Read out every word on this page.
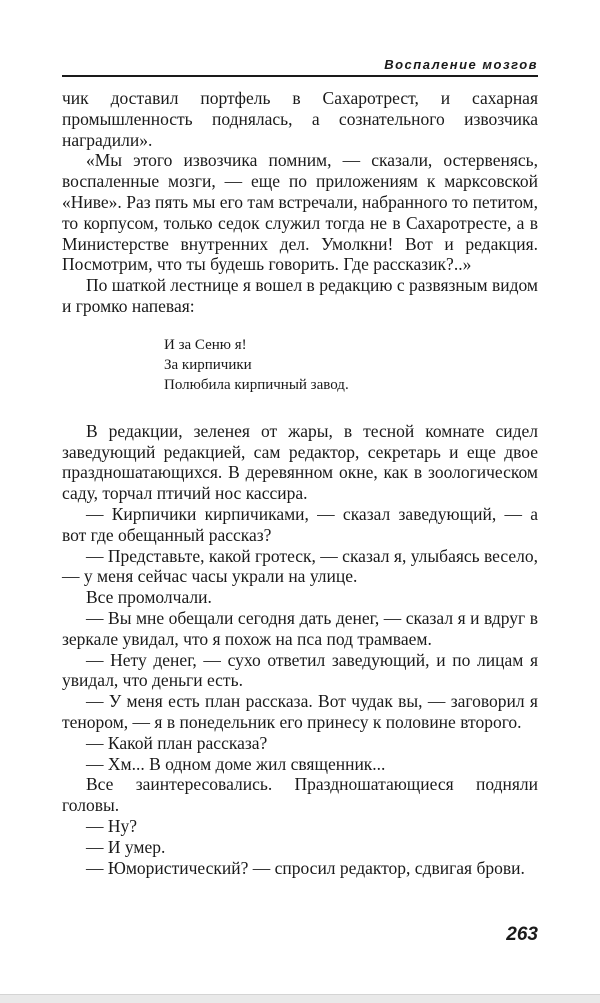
Воспаление мозгов

чик доставил портфель в Сахаротрест, и сахарная промышленность поднялась, а сознательного извозчика наградили».

«Мы этого извозчика помним, — сказали, остервенясь, воспаленные мозги, — еще по приложениям к марксовской «Ниве». Раз пять мы его там встречали, набранного то петитом, то корпусом, только седок служил тогда не в Сахаротресте, а в Министерстве внутренних дел. Умолкни! Вот и редакция. Посмотрим, что ты будешь говорить. Где рассказик?..»

По шаткой лестнице я вошел в редакцию с развязным видом и громко напевая:

И за Сеню я!
За кирпичики
Полюбила кирпичный завод.

В редакции, зеленея от жары, в тесной комнате сидел заведующий редакцией, сам редактор, секретарь и еще двое праздношатающихся. В деревянном окне, как в зоологическом саду, торчал птичий нос кассира.

— Кирпичики кирпичиками, — сказал заведующий, — а вот где обещанный рассказ?

— Представьте, какой гротеск, — сказал я, улыбаясь весело, — у меня сейчас часы украли на улице.

Все промолчали.

— Вы мне обещали сегодня дать денег, — сказал я и вдруг в зеркале увидал, что я похож на пса под трамваем.

— Нету денег, — сухо ответил заведующий, и по лицам я увидал, что деньги есть.

— У меня есть план рассказа. Вот чудак вы, — заговорил я тенором, — я в понедельник его принесу к половине второго.

— Какой план рассказа?

— Хм... В одном доме жил священник...

Все заинтересовались. Праздношатающиеся подняли головы.

— Ну?

— И умер.

— Юмористический? — спросил редактор, сдвигая брови.

263
